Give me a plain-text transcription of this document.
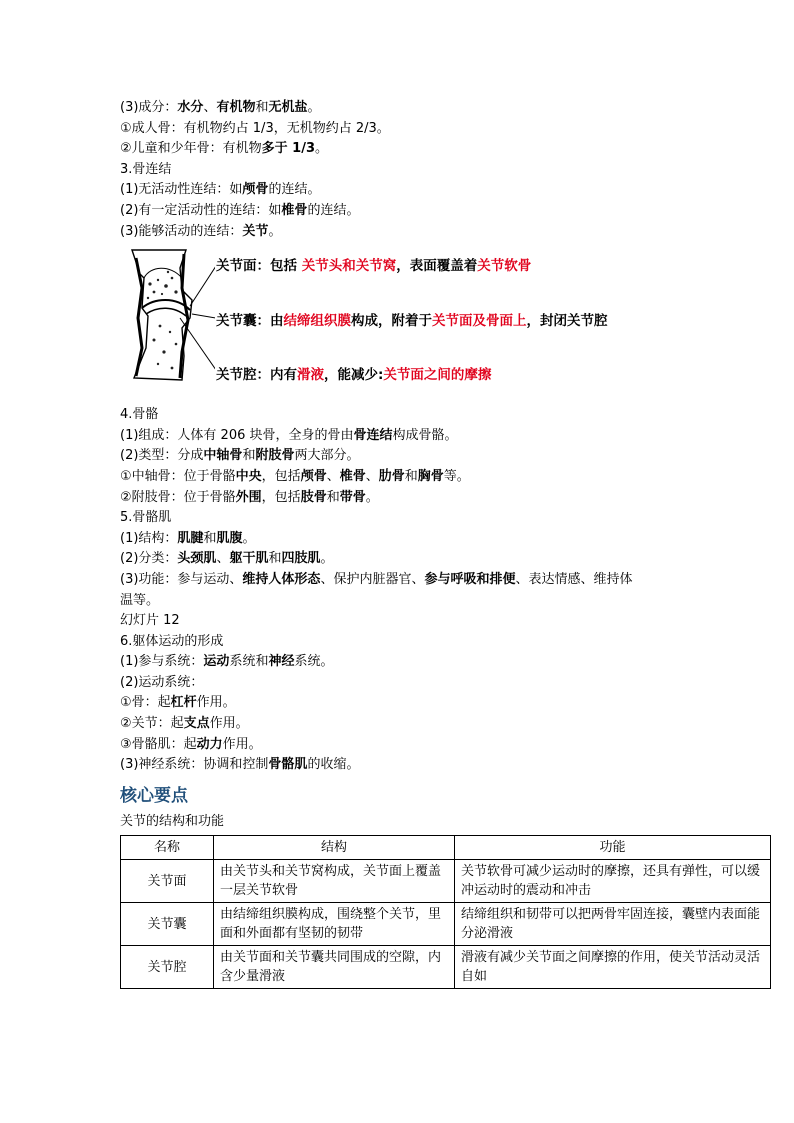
(3)成分：水分、有机物和无机盐。
①成人骨：有机物约占 1/3，无机物约占 2/3。
②儿童和少年骨：有机物多于 1/3。
3.骨连结
(1)无活动性连结：如颅骨的连结。
(2)有一定活动性的连结：如椎骨的连结。
(3)能够活动的连结：关节。
关节面：包括 关节头和关节窝，表面覆盖着关节软骨
关节囊：由结缔组织膜构成，附着于关节面及骨面上，封闭关节腔
关节腔：内有滑液，能减少:关节面之间的摩擦
4.骨骼
(1)组成：人体有 206 块骨，全身的骨由骨连结构成骨骼。
(2)类型：分成中轴骨和附肢骨两大部分。
①中轴骨：位于骨骼中央，包括颅骨、椎骨、肋骨和胸骨等。
②附肢骨：位于骨骼外围，包括肢骨和带骨。
5.骨骼肌
(1)结构：肌腱和肌腹。
(2)分类：头颈肌、躯干肌和四肢肌。
(3)功能：参与运动、维持人体形态、保护内脏器官、参与呼吸和排便、表达情感、维持体
温等。
幻灯片 12
6.躯体运动的形成
(1)参与系统：运动系统和神经系统。
(2)运动系统：
①骨：起杠杆作用。
②关节：起支点作用。
③骨骼肌：起动力作用。
(3)神经系统：协调和控制骨骼肌的收缩。
核心要点
关节的结构和功能
名称	结构	功能
关节面	由关节头和关节窝构成，关节面上覆盖一层关节软骨	关节软骨可减少运动时的摩擦，还具有弹性，可以缓冲运动时的震动和冲击
关节囊	由结缔组织膜构成，围绕整个关节，里面和外面都有坚韧的韧带	结缔组织和韧带可以把两骨牢固连接，囊壁内表面能分泌滑液
关节腔	由关节面和关节囊共同围成的空隙，内含少量滑液	滑液有减少关节面之间摩擦的作用，使关节活动灵活自如
